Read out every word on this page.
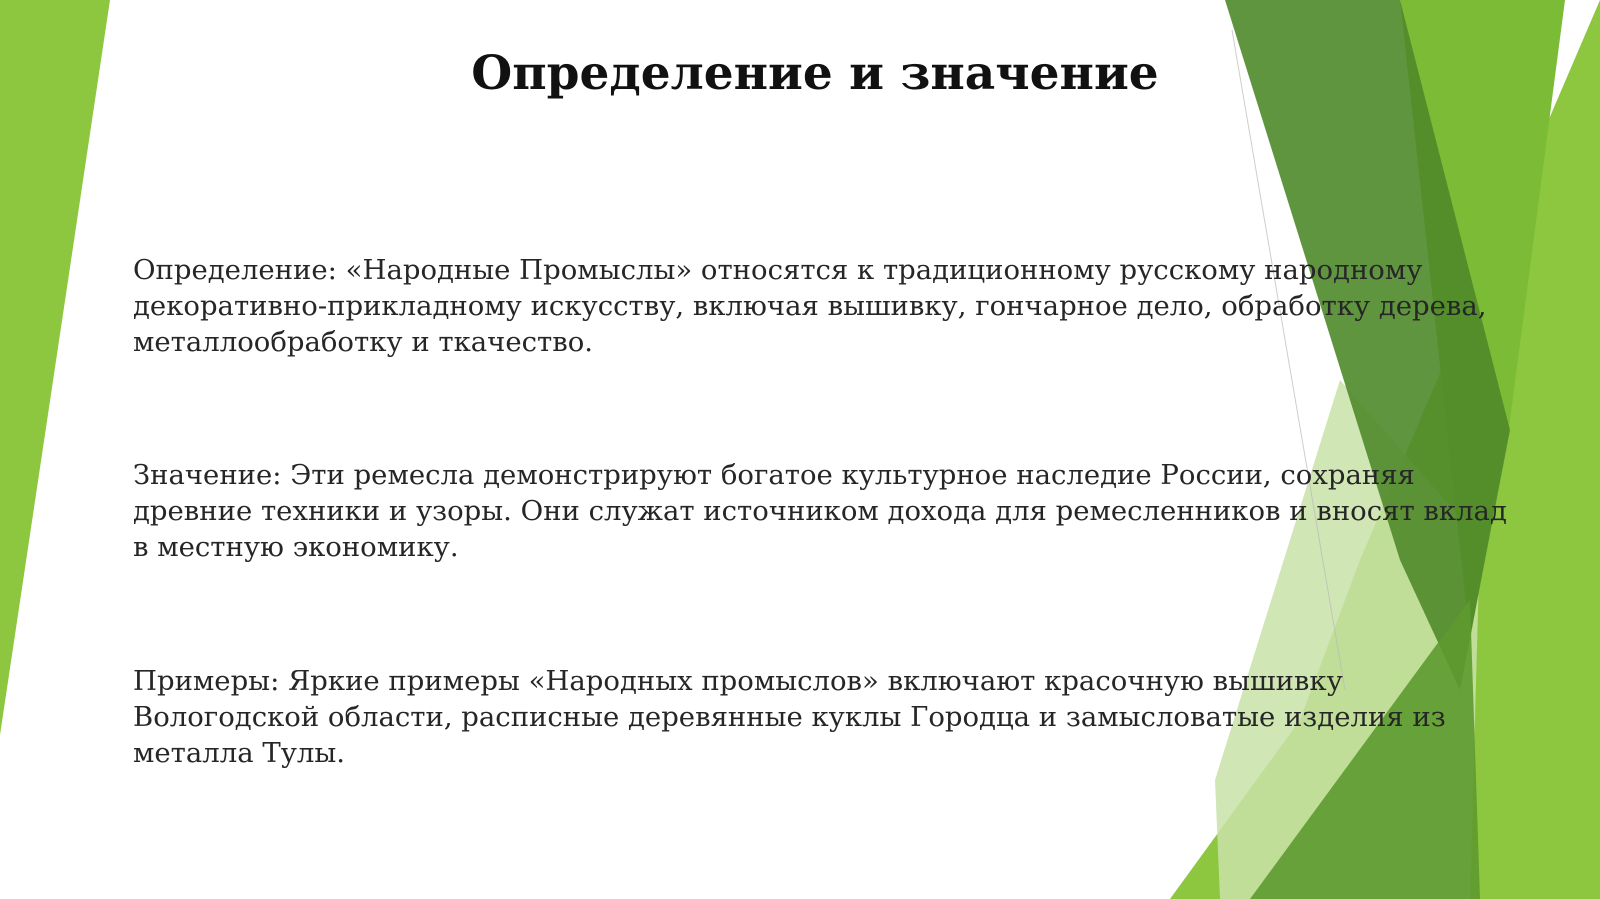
Определение и значение

Определение: «Народные Промыслы» относятся к традиционному русскому народному декоративно-прикладному искусству, включая вышивку, гончарное дело, обработку дерева, металлообработку и ткачество.

Значение: Эти ремесла демонстрируют богатое культурное наследие России, сохраняя древние техники и узоры. Они служат источником дохода для ремесленников и вносят вклад в местную экономику.

Примеры: Яркие примеры «Народных промыслов» включают красочную вышивку Вологодской области, расписные деревянные куклы Городца и замысловатые изделия из металла Тулы.
